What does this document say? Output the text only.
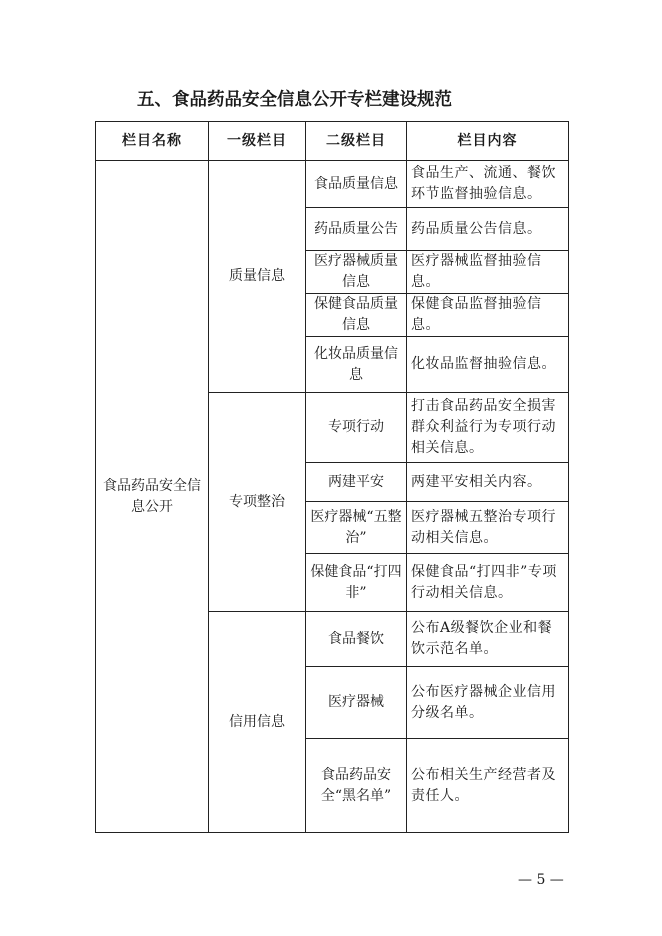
五、食品药品安全信息公开专栏建设规范
栏目名称	一级栏目	二级栏目	栏目内容
食品药品安全信息公开	质量信息	食品质量信息	食品生产、流通、餐饮环节监督抽验信息。
		药品质量公告	药品质量公告信息。
		医疗器械质量信息	医疗器械监督抽验信息。
		保健食品质量信息	保健食品监督抽验信息。
		化妆品质量信息	化妆品监督抽验信息。
	专项整治	专项行动	打击食品药品安全损害群众利益行为专项行动相关信息。
		两建平安	两建平安相关内容。
		医疗器械“五整治”	医疗器械五整治专项行动相关信息。
		保健食品“打四非”	保健食品“打四非”专项行动相关信息。
	信用信息	食品餐饮	公布A级餐饮企业和餐饮示范名单。
		医疗器械	公布医疗器械企业信用分级名单。
		食品药品安全“黑名单”	公布相关生产经营者及责任人。
— 5 —
